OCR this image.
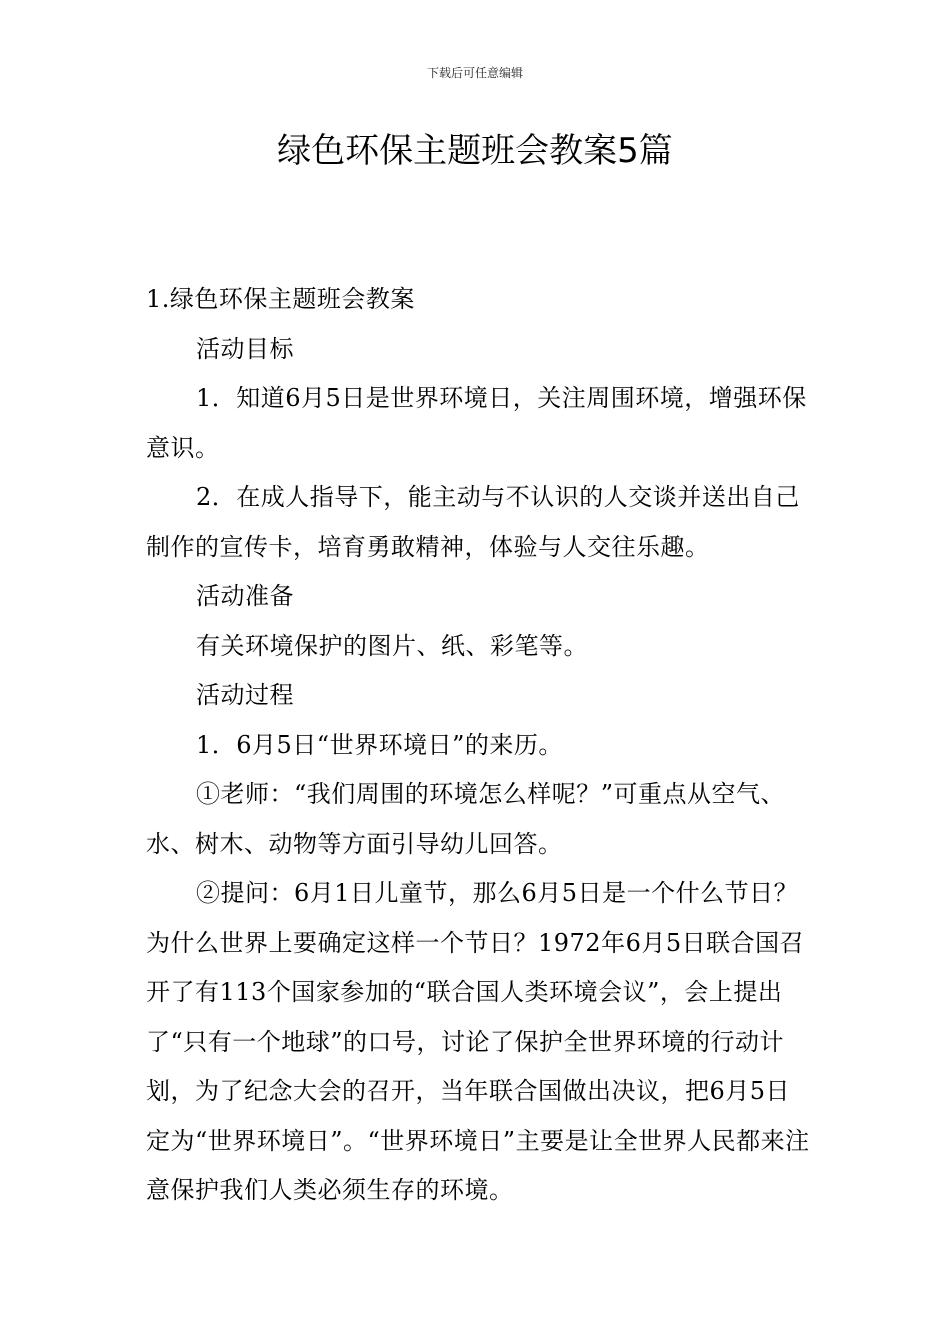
下载后可任意编辑
绿色环保主题班会教案5篇

1.绿色环保主题班会教案

活动目标

1．知道6月5日是世界环境日，关注周围环境，增强环保意识。

2．在成人指导下，能主动与不认识的人交谈并送出自己制作的宣传卡，培育勇敢精神，体验与人交往乐趣。

活动准备

有关环境保护的图片、纸、彩笔等。

活动过程

1．6月5日“世界环境日”的来历。

①老师：“我们周围的环境怎么样呢？”可重点从空气、水、树木、动物等方面引导幼儿回答。

②提问：6月1日儿童节，那么6月5日是一个什么节日？为什么世界上要确定这样一个节日？1972年6月5日联合国召开了有113个国家参加的“联合国人类环境会议”，会上提出了“只有一个地球”的口号，讨论了保护全世界环境的行动计划，为了纪念大会的召开，当年联合国做出决议，把6月5日定为“世界环境日”。“世界环境日”主要是让全世界人民都来注意保护我们人类必须生存的环境。
